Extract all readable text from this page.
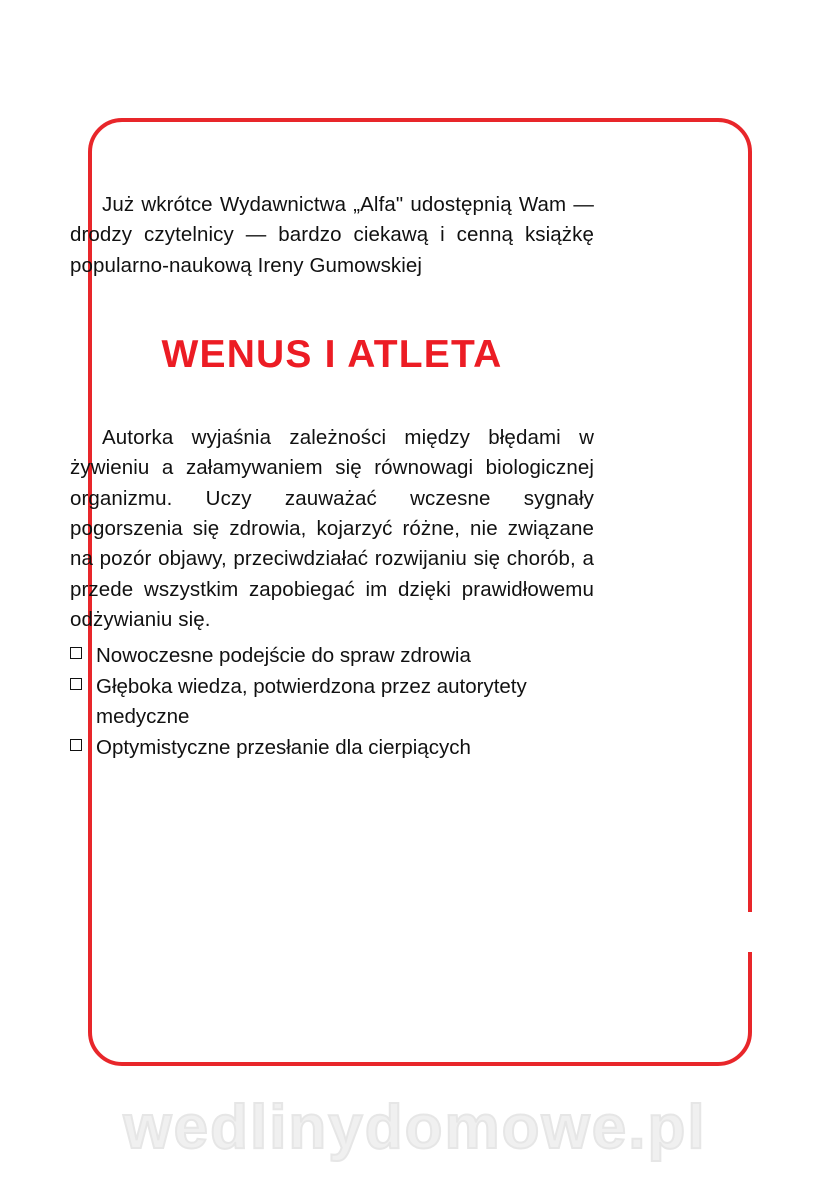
Już wkrótce Wydawnictwa „Alfa" udostępnią Wam — drodzy czytelnicy — bardzo ciekawą i cenną książkę popularno-naukową Ireny Gumowskiej

WENUS I ATLETA

Autorka wyjaśnia zależności między błędami w żywieniu a załamywaniem się równowagi biologicznej organizmu. Uczy zauważać wczesne sygnały pogorszenia się zdrowia, kojarzyć różne, nie związane na pozór objawy, przeciwdziałać rozwijaniu się chorób, a przede wszystkim zapobiegać im dzięki prawidłowemu odżywianiu się.

Nowoczesne podejście do spraw zdrowia
Głęboka wiedza, potwierdzona przez autorytety medyczne
Optymistyczne przesłanie dla cierpiących
wedlinydomowe.pl
